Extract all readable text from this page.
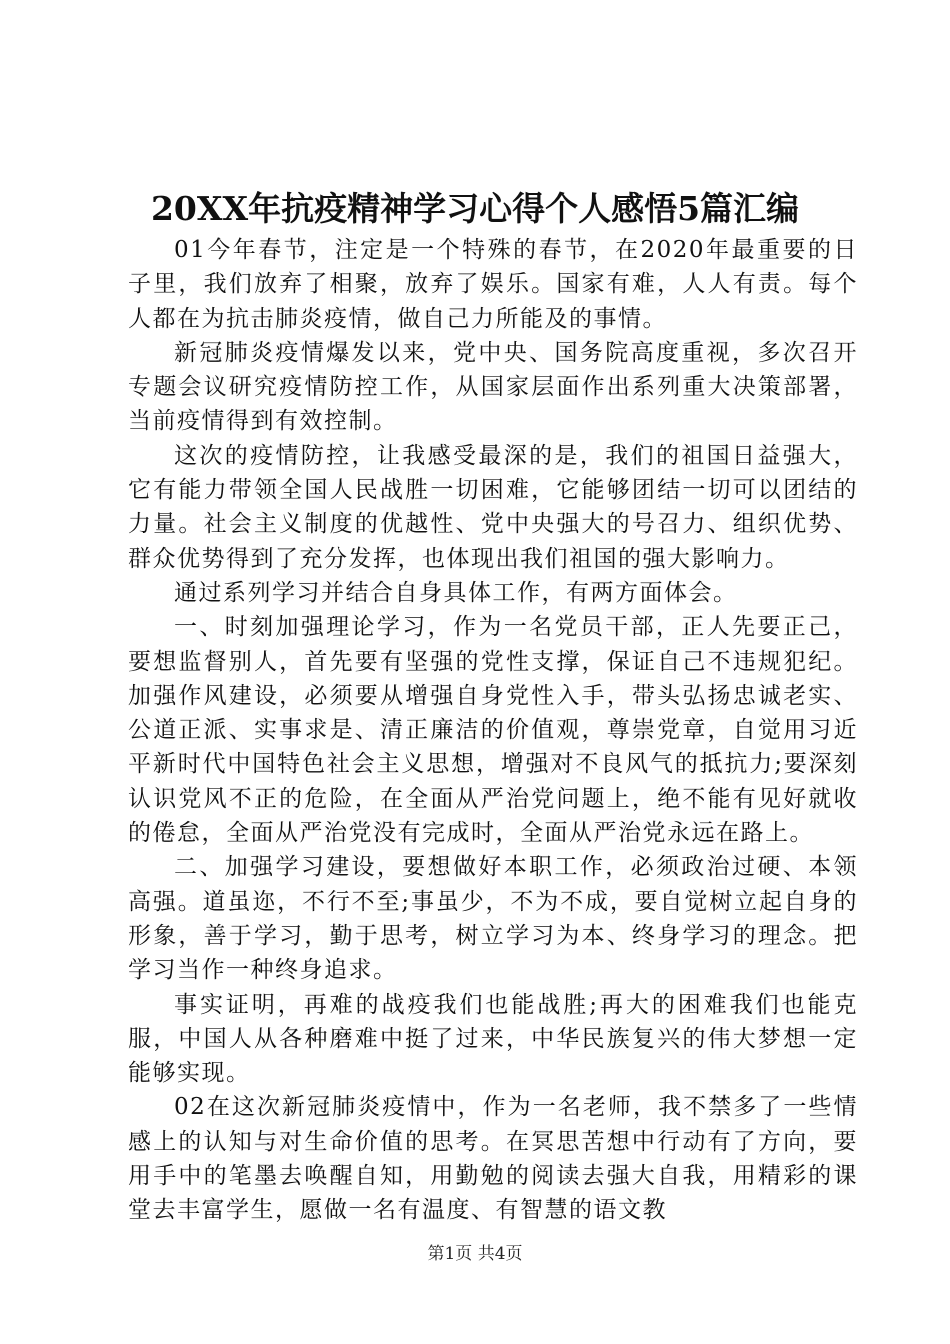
20XX年抗疫精神学习心得个人感悟5篇汇编

01今年春节，注定是一个特殊的春节，在2020年最重要的日子里，我们放弃了相聚，放弃了娱乐。国家有难，人人有责。每个人都在为抗击肺炎疫情，做自己力所能及的事情。

新冠肺炎疫情爆发以来，党中央、国务院高度重视，多次召开专题会议研究疫情防控工作，从国家层面作出系列重大决策部署，当前疫情得到有效控制。

这次的疫情防控，让我感受最深的是，我们的祖国日益强大，它有能力带领全国人民战胜一切困难，它能够团结一切可以团结的力量。社会主义制度的优越性、党中央强大的号召力、组织优势、群众优势得到了充分发挥，也体现出我们祖国的强大影响力。

通过系列学习并结合自身具体工作，有两方面体会。

一、时刻加强理论学习，作为一名党员干部，正人先要正己，要想监督别人，首先要有坚强的党性支撑，保证自己不违规犯纪。加强作风建设，必须要从增强自身党性入手，带头弘扬忠诚老实、公道正派、实事求是、清正廉洁的价值观，尊崇党章，自觉用习近平新时代中国特色社会主义思想，增强对不良风气的抵抗力;要深刻认识党风不正的危险，在全面从严治党问题上，绝不能有见好就收的倦怠，全面从严治党没有完成时，全面从严治党永远在路上。

二、加强学习建设，要想做好本职工作，必须政治过硬、本领高强。道虽迩，不行不至;事虽少，不为不成，要自觉树立起自身的形象，善于学习，勤于思考，树立学习为本、终身学习的理念。把学习当作一种终身追求。

事实证明，再难的战疫我们也能战胜;再大的困难我们也能克服，中国人从各种磨难中挺了过来，中华民族复兴的伟大梦想一定能够实现。

02在这次新冠肺炎疫情中，作为一名老师，我不禁多了一些情感上的认知与对生命价值的思考。在冥思苦想中行动有了方向，要用手中的笔墨去唤醒自知，用勤勉的阅读去强大自我，用精彩的课堂去丰富学生，愿做一名有温度、有智慧的语文教

第1页 共4页
